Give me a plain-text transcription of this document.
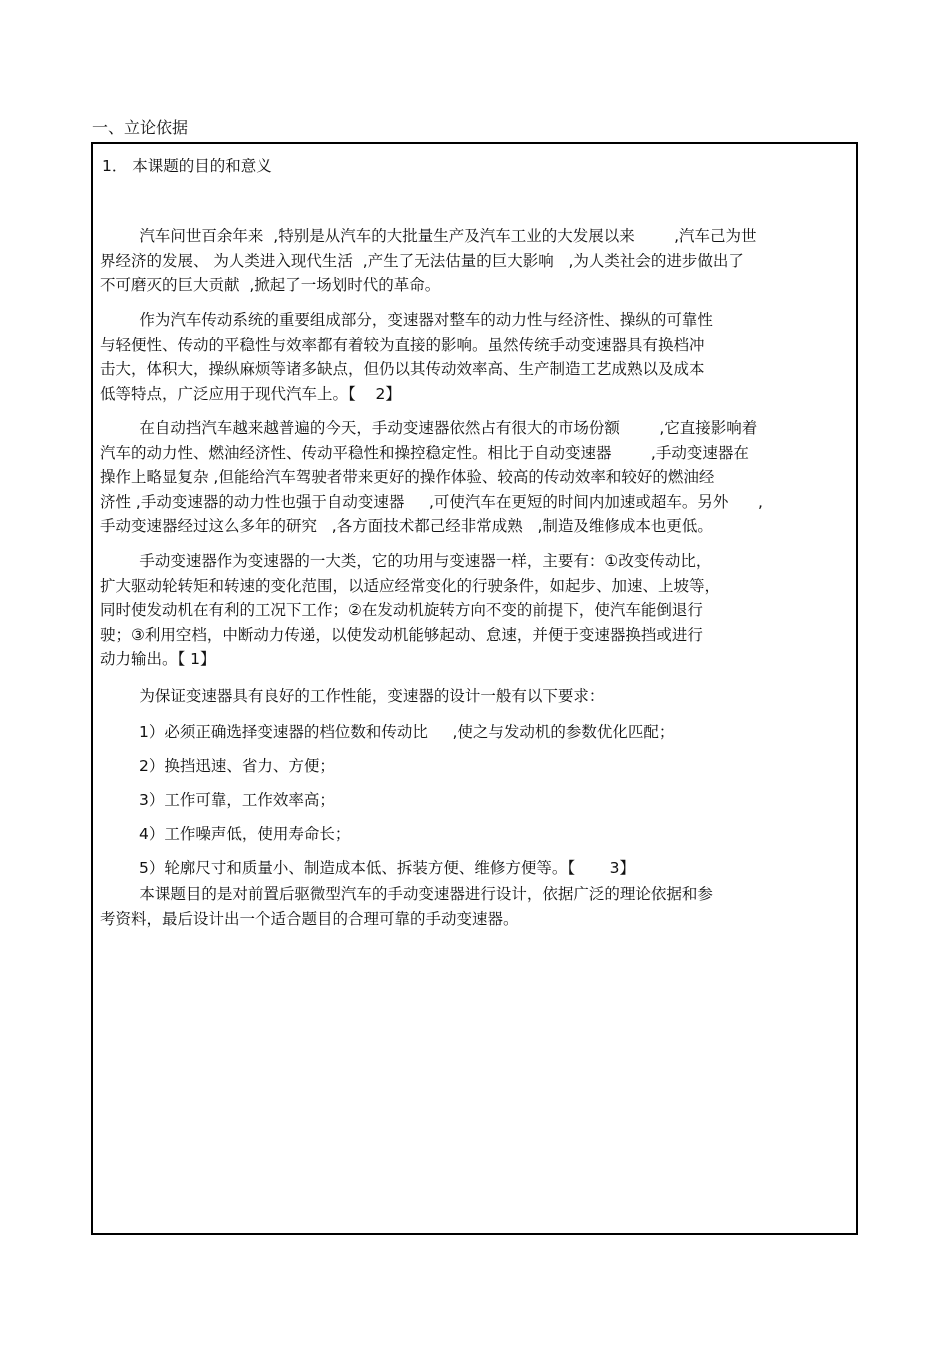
一、立论依据
1． 本课题的目的和意义
汽车问世百余年来  ,特别是从汽车的大批量生产及汽车工业的大发展以来        ,汽车己为世
界经济的发展、 为人类进入现代生活  ,产生了无法估量的巨大影响   ,为人类社会的进步做出了
不可磨灭的巨大贡献  ,掀起了一场划时代的革命。
作为汽车传动系统的重要组成部分，变速器对整车的动力性与经济性、操纵的可靠性
与轻便性、传动的平稳性与效率都有着较为直接的影响。虽然传统手动变速器具有换档冲
击大，体积大，操纵麻烦等诸多缺点，但仍以其传动效率高、生产制造工艺成熟以及成本
低等特点，广泛应用于现代汽车上。【    2】
在自动挡汽车越来越普遍的今天，手动变速器依然占有很大的市场份额        ,它直接影响着
汽车的动力性、燃油经济性、传动平稳性和操控稳定性。相比于自动变速器        ,手动变速器在
操作上略显复杂 ,但能给汽车驾驶者带来更好的操作体验、较高的传动效率和较好的燃油经
济性 ,手动变速器的动力性也强于自动变速器     ,可使汽车在更短的时间内加速或超车。另外      ,
手动变速器经过这么多年的研究   ,各方面技术都己经非常成熟   ,制造及维修成本也更低。
手动变速器作为变速器的一大类，它的功用与变速器一样，主要有：①改变传动比，
扩大驱动轮转矩和转速的变化范围，以适应经常变化的行驶条件，如起步、加速、上坡等，
同时使发动机在有利的工况下工作；②在发动机旋转方向不变的前提下，使汽车能倒退行
驶；③利用空档，中断动力传递，以使发动机能够起动、怠速，并便于变速器换挡或进行
动力输出。【 1】
为保证变速器具有良好的工作性能，变速器的设计一般有以下要求：
1）必须正确选择变速器的档位数和传动比     ,使之与发动机的参数优化匹配；
2）换挡迅速、省力、方便；
3）工作可靠，工作效率高；
4）工作噪声低，使用寿命长；
5）轮廓尺寸和质量小、制造成本低、拆装方便、维修方便等。【       3】
本课题目的是对前置后驱微型汽车的手动变速器进行设计，依据广泛的理论依据和参
考资料，最后设计出一个适合题目的合理可靠的手动变速器。
